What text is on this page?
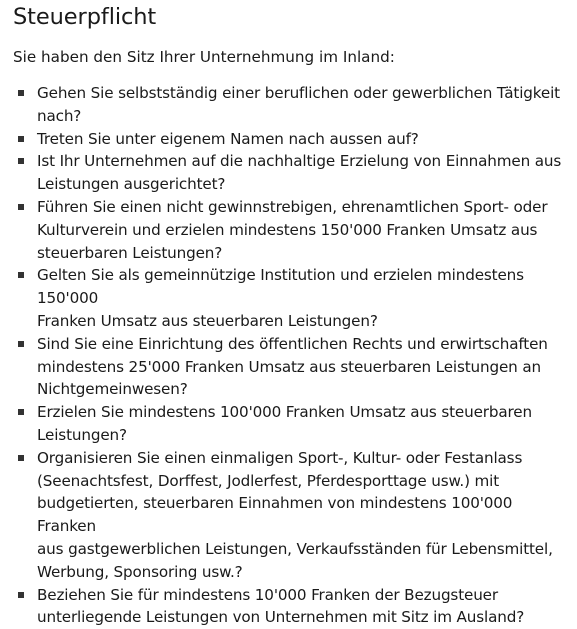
Steuerpflicht

Sie haben den Sitz Ihrer Unternehmung im Inland:

Gehen Sie selbstständig einer beruflichen oder gewerblichen Tätigkeit
nach?
Treten Sie unter eigenem Namen nach aussen auf?
Ist Ihr Unternehmen auf die nachhaltige Erzielung von Einnahmen aus
Leistungen ausgerichtet?
Führen Sie einen nicht gewinnstrebigen, ehrenamtlichen Sport- oder
Kulturverein und erzielen mindestens 150'000 Franken Umsatz aus
steuerbaren Leistungen?
Gelten Sie als gemeinnützige Institution und erzielen mindestens 150'000
Franken Umsatz aus steuerbaren Leistungen?
Sind Sie eine Einrichtung des öffentlichen Rechts und erwirtschaften
mindestens 25'000 Franken Umsatz aus steuerbaren Leistungen an
Nichtgemeinwesen?
Erzielen Sie mindestens 100'000 Franken Umsatz aus steuerbaren
Leistungen?
Organisieren Sie einen einmaligen Sport-, Kultur- oder Festanlass
(Seenachtsfest, Dorffest, Jodlerfest, Pferdesporttage usw.) mit
budgetierten, steuerbaren Einnahmen von mindestens 100'000 Franken
aus gastgewerblichen Leistungen, Verkaufsständen für Lebensmittel,
Werbung, Sponsoring usw.?
Beziehen Sie für mindestens 10'000 Franken der Bezugsteuer
unterliegende Leistungen von Unternehmen mit Sitz im Ausland?
